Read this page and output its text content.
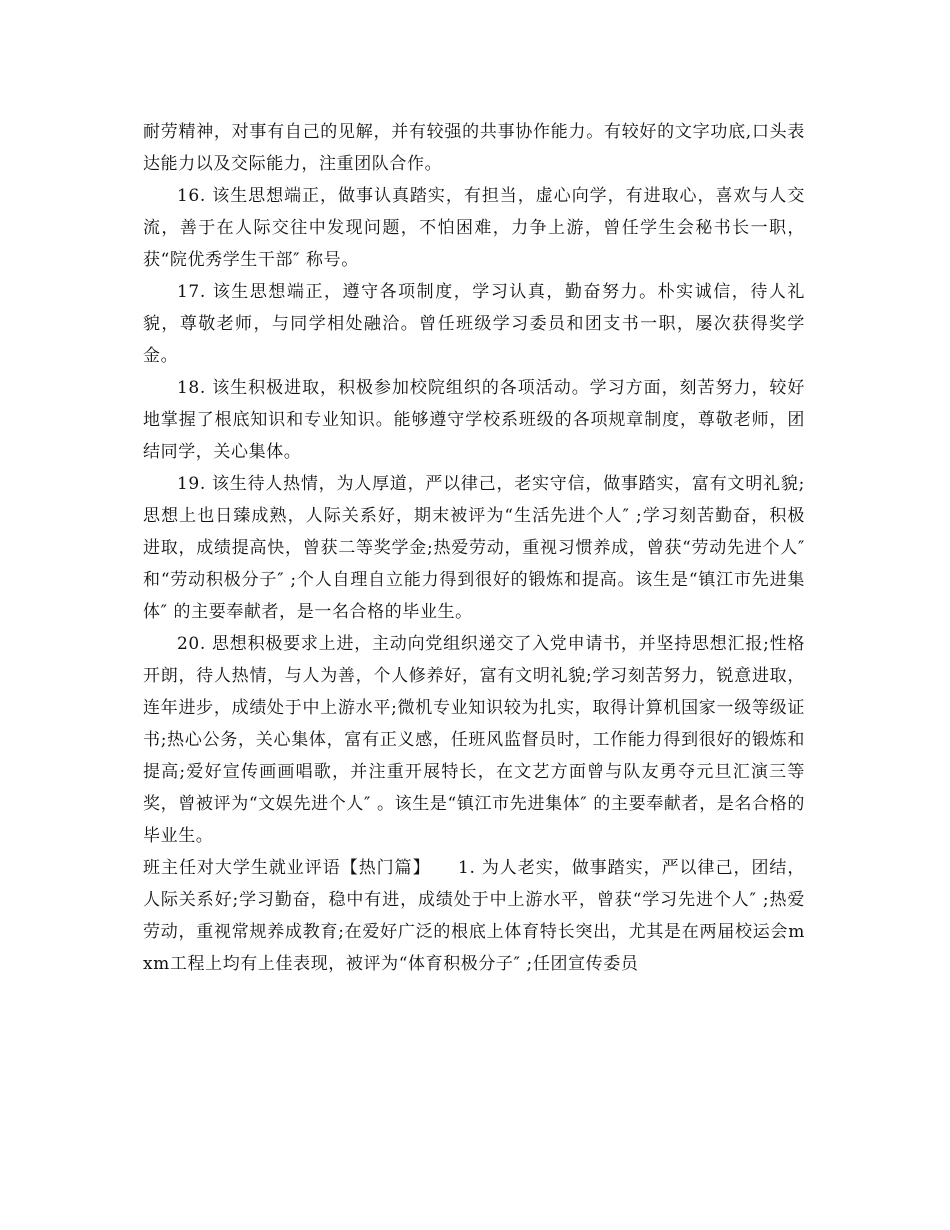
耐劳精神，对事有自己的见解，并有较强的共事协作能力。有较好的文字功底,口头表达能力以及交际能力，注重团队合作。

16. 该生思想端正，做事认真踏实，有担当，虚心向学，有进取心，喜欢与人交流，善于在人际交往中发现问题，不怕困难，力争上游，曾任学生会秘书长一职，获“院优秀学生干部″ 称号。

17. 该生思想端正，遵守各项制度，学习认真，勤奋努力。朴实诚信，待人礼貌，尊敬老师，与同学相处融洽。曾任班级学习委员和团支书一职，屡次获得奖学金。

18. 该生积极进取，积极参加校院组织的各项活动。学习方面，刻苦努力，较好地掌握了根底知识和专业知识。能够遵守学校系班级的各项规章制度，尊敬老师，团结同学，关心集体。

19. 该生待人热情，为人厚道，严以律己，老实守信，做事踏实，富有文明礼貌;思想上也日臻成熟，人际关系好，期末被评为“生活先进个人″ ;学习刻苦勤奋，积极进取，成绩提高快，曾获二等奖学金;热爱劳动，重视习惯养成，曾获“劳动先进个人″ 和“劳动积极分子″ ;个人自理自立能力得到很好的锻炼和提高。该生是“镇江市先进集体″ 的主要奉献者，是一名合格的毕业生。

20. 思想积极要求上进，主动向党组织递交了入党申请书，并坚持思想汇报;性格开朗，待人热情，与人为善，个人修养好，富有文明礼貌;学习刻苦努力，锐意进取，连年进步，成绩处于中上游水平;微机专业知识较为扎实，取得计算机国家一级等级证书;热心公务，关心集体，富有正义感，任班风监督员时，工作能力得到很好的锻炼和提高;爱好宣传画画唱歌，并注重开展特长，在文艺方面曾与队友勇夺元旦汇演三等奖，曾被评为“文娱先进个人″ 。该生是“镇江市先进集体″ 的主要奉献者，是名合格的毕业生。

班主任对大学生就业评语【热门篇】　　1. 为人老实，做事踏实，严以律己，团结，人际关系好;学习勤奋，稳中有进，成绩处于中上游水平，曾获“学习先进个人″ ;热爱劳动，重视常规养成教育;在爱好广泛的根底上体育特长突出，尤其是在两届校运会mxm工程上均有上佳表现，被评为“体育积极分子″ ;任团宣传委员
